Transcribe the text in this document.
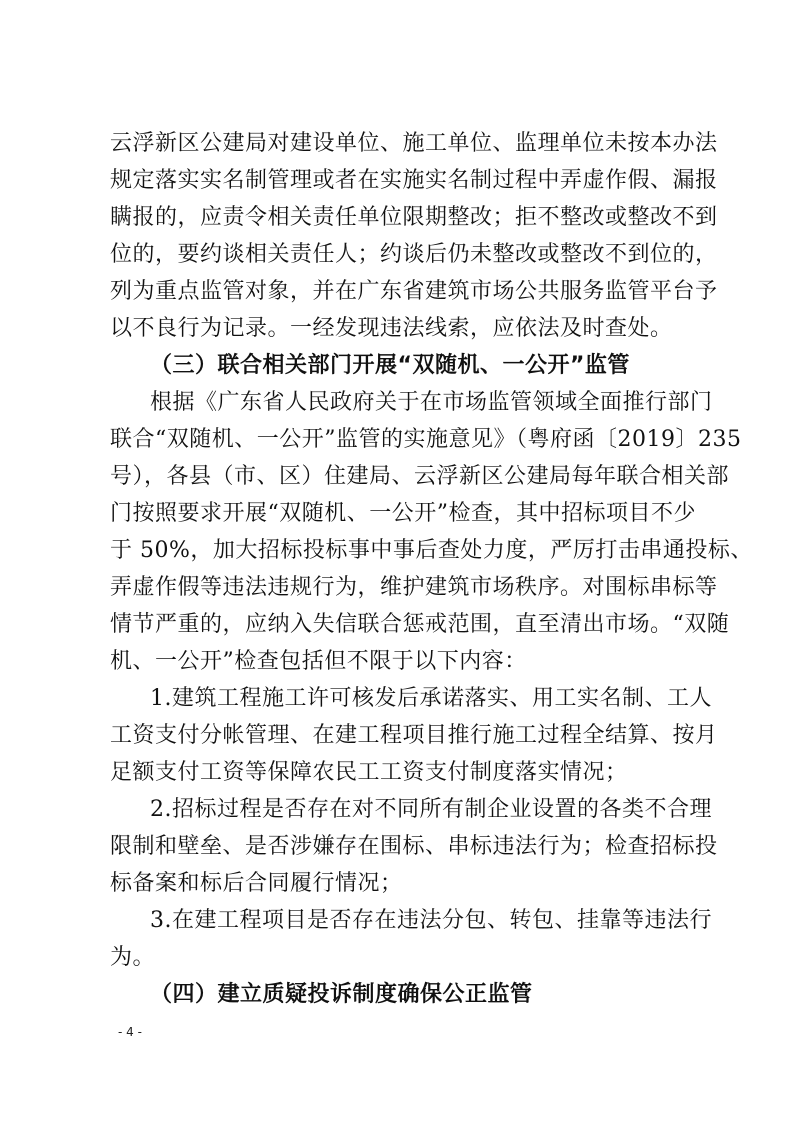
云浮新区公建局对建设单位、施工单位、监理单位未按本办法
规定落实实名制管理或者在实施实名制过程中弄虚作假、漏报
瞒报的，应责令相关责任单位限期整改；拒不整改或整改不到
位的，要约谈相关责任人；约谈后仍未整改或整改不到位的，
列为重点监管对象，并在广东省建筑市场公共服务监管平台予
以不良行为记录。一经发现违法线索，应依法及时查处。
（三）联合相关部门开展“双随机、一公开”监管
根据《广东省人民政府关于在市场监管领域全面推行部门
联合“双随机、一公开”监管的实施意见》（粤府函〔2019〕235
号），各县（市、区）住建局、云浮新区公建局每年联合相关部
门按照要求开展“双随机、一公开”检查，其中招标项目不少
于 50%，加大招标投标事中事后查处力度，严厉打击串通投标、
弄虚作假等违法违规行为，维护建筑市场秩序。对围标串标等
情节严重的，应纳入失信联合惩戒范围，直至清出市场。“双随
机、一公开”检查包括但不限于以下内容：
1.建筑工程施工许可核发后承诺落实、用工实名制、工人
工资支付分帐管理、在建工程项目推行施工过程全结算、按月
足额支付工资等保障农民工工资支付制度落实情况；
2.招标过程是否存在对不同所有制企业设置的各类不合理
限制和壁垒、是否涉嫌存在围标、串标违法行为；检查招标投
标备案和标后合同履行情况；
3.在建工程项目是否存在违法分包、转包、挂靠等违法行
为。
（四）建立质疑投诉制度确保公正监管
- 4 -
